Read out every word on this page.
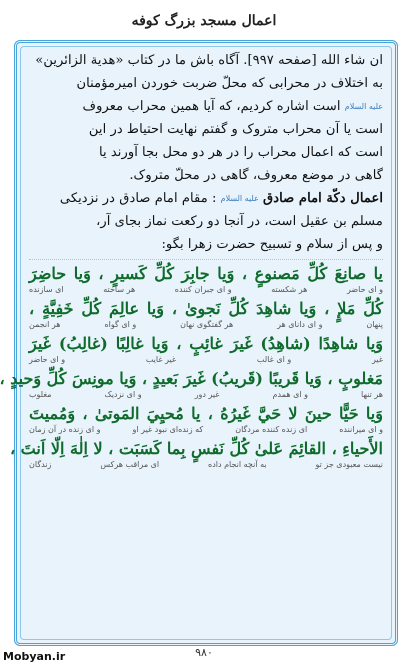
اعمال مسجد بزرگ کوفه
ان شاء الله [صفحه ۹۹۷]. آگاه باش ما در کتاب «هدية الزائرين»
به اختلاف در محرابی که محلّ ضربت خوردن اميرمؤمنان
عليه السلام است اشاره کرديم، که آيا همين محراب معروف
است يا آن محراب متروک و گفتم نهايت احتياط در اين
است که اعمال محراب را در هر دو محل بجا آورند يا
گاهی در موضع معروف، گاهی در محلّ متروک.
اعمال دکّة امام صادق عليه السلام : مقام امام صادق در نزديکی
مسلم بن عقيل است، در آنجا دو رکعت نماز بجای آر،
و پس از سلام و تسبيح حضرت زهرا بگو:
يا صانِعَ كُلِّ مَصنوعٍ ، وَيا جابِرَ كُلِّ كَسيرٍ ، وَيا حاضِرَ
ای سازنده	هر ساخته	و ای جبران کننده	هر شکسته	و ای حاضر
كُلِّ مَلإٍ ، وَيا شاهِدَ كُلِّ نَجوىٰ ، وَيا عالِمَ كُلِّ خَفِيَّةٍ ،
هر انجمن	و ای گواه	هر گفتگوی نهان	و ای دانای هر	پنهان
وَيا شاهِدًا (شاهِدُ) غَيرَ غائِبٍ ، وَيا غالِبًا (غالِبُ) غَيرَ
و ای حاضر	غير غايب	و ای غالب	غير
مَغلوبٍ ، وَيا قَريبًا (قَريبُ) غَيرَ بَعيدٍ ، وَيا مونِسَ كُلِّ وَحيدٍ ،
مغلوب	و ای نزديک	غير دور	و ای همدم	هر تنها
وَيا حَيًّا حينَ لا حَيَّ غَيرُهُ ، يا مُحيِيَ المَوتىٰ ، وَمُميتَ
و ای زنده در آن زمان	که زنده‌ای نبود غير او	ای زنده کننده مردگان	و ای ميراننده
الأَحياءِ ، القائِمَ عَلىٰ كُلِّ نَفسٍ بِما كَسَبَت ، لا اِلٰهَ اِلّا اَنتَ ،
زندگان	ای مراقب هرکس	به آنچه انجام داده	نيست معبودی جز تو
۹۸۰
Mobyan.ir
